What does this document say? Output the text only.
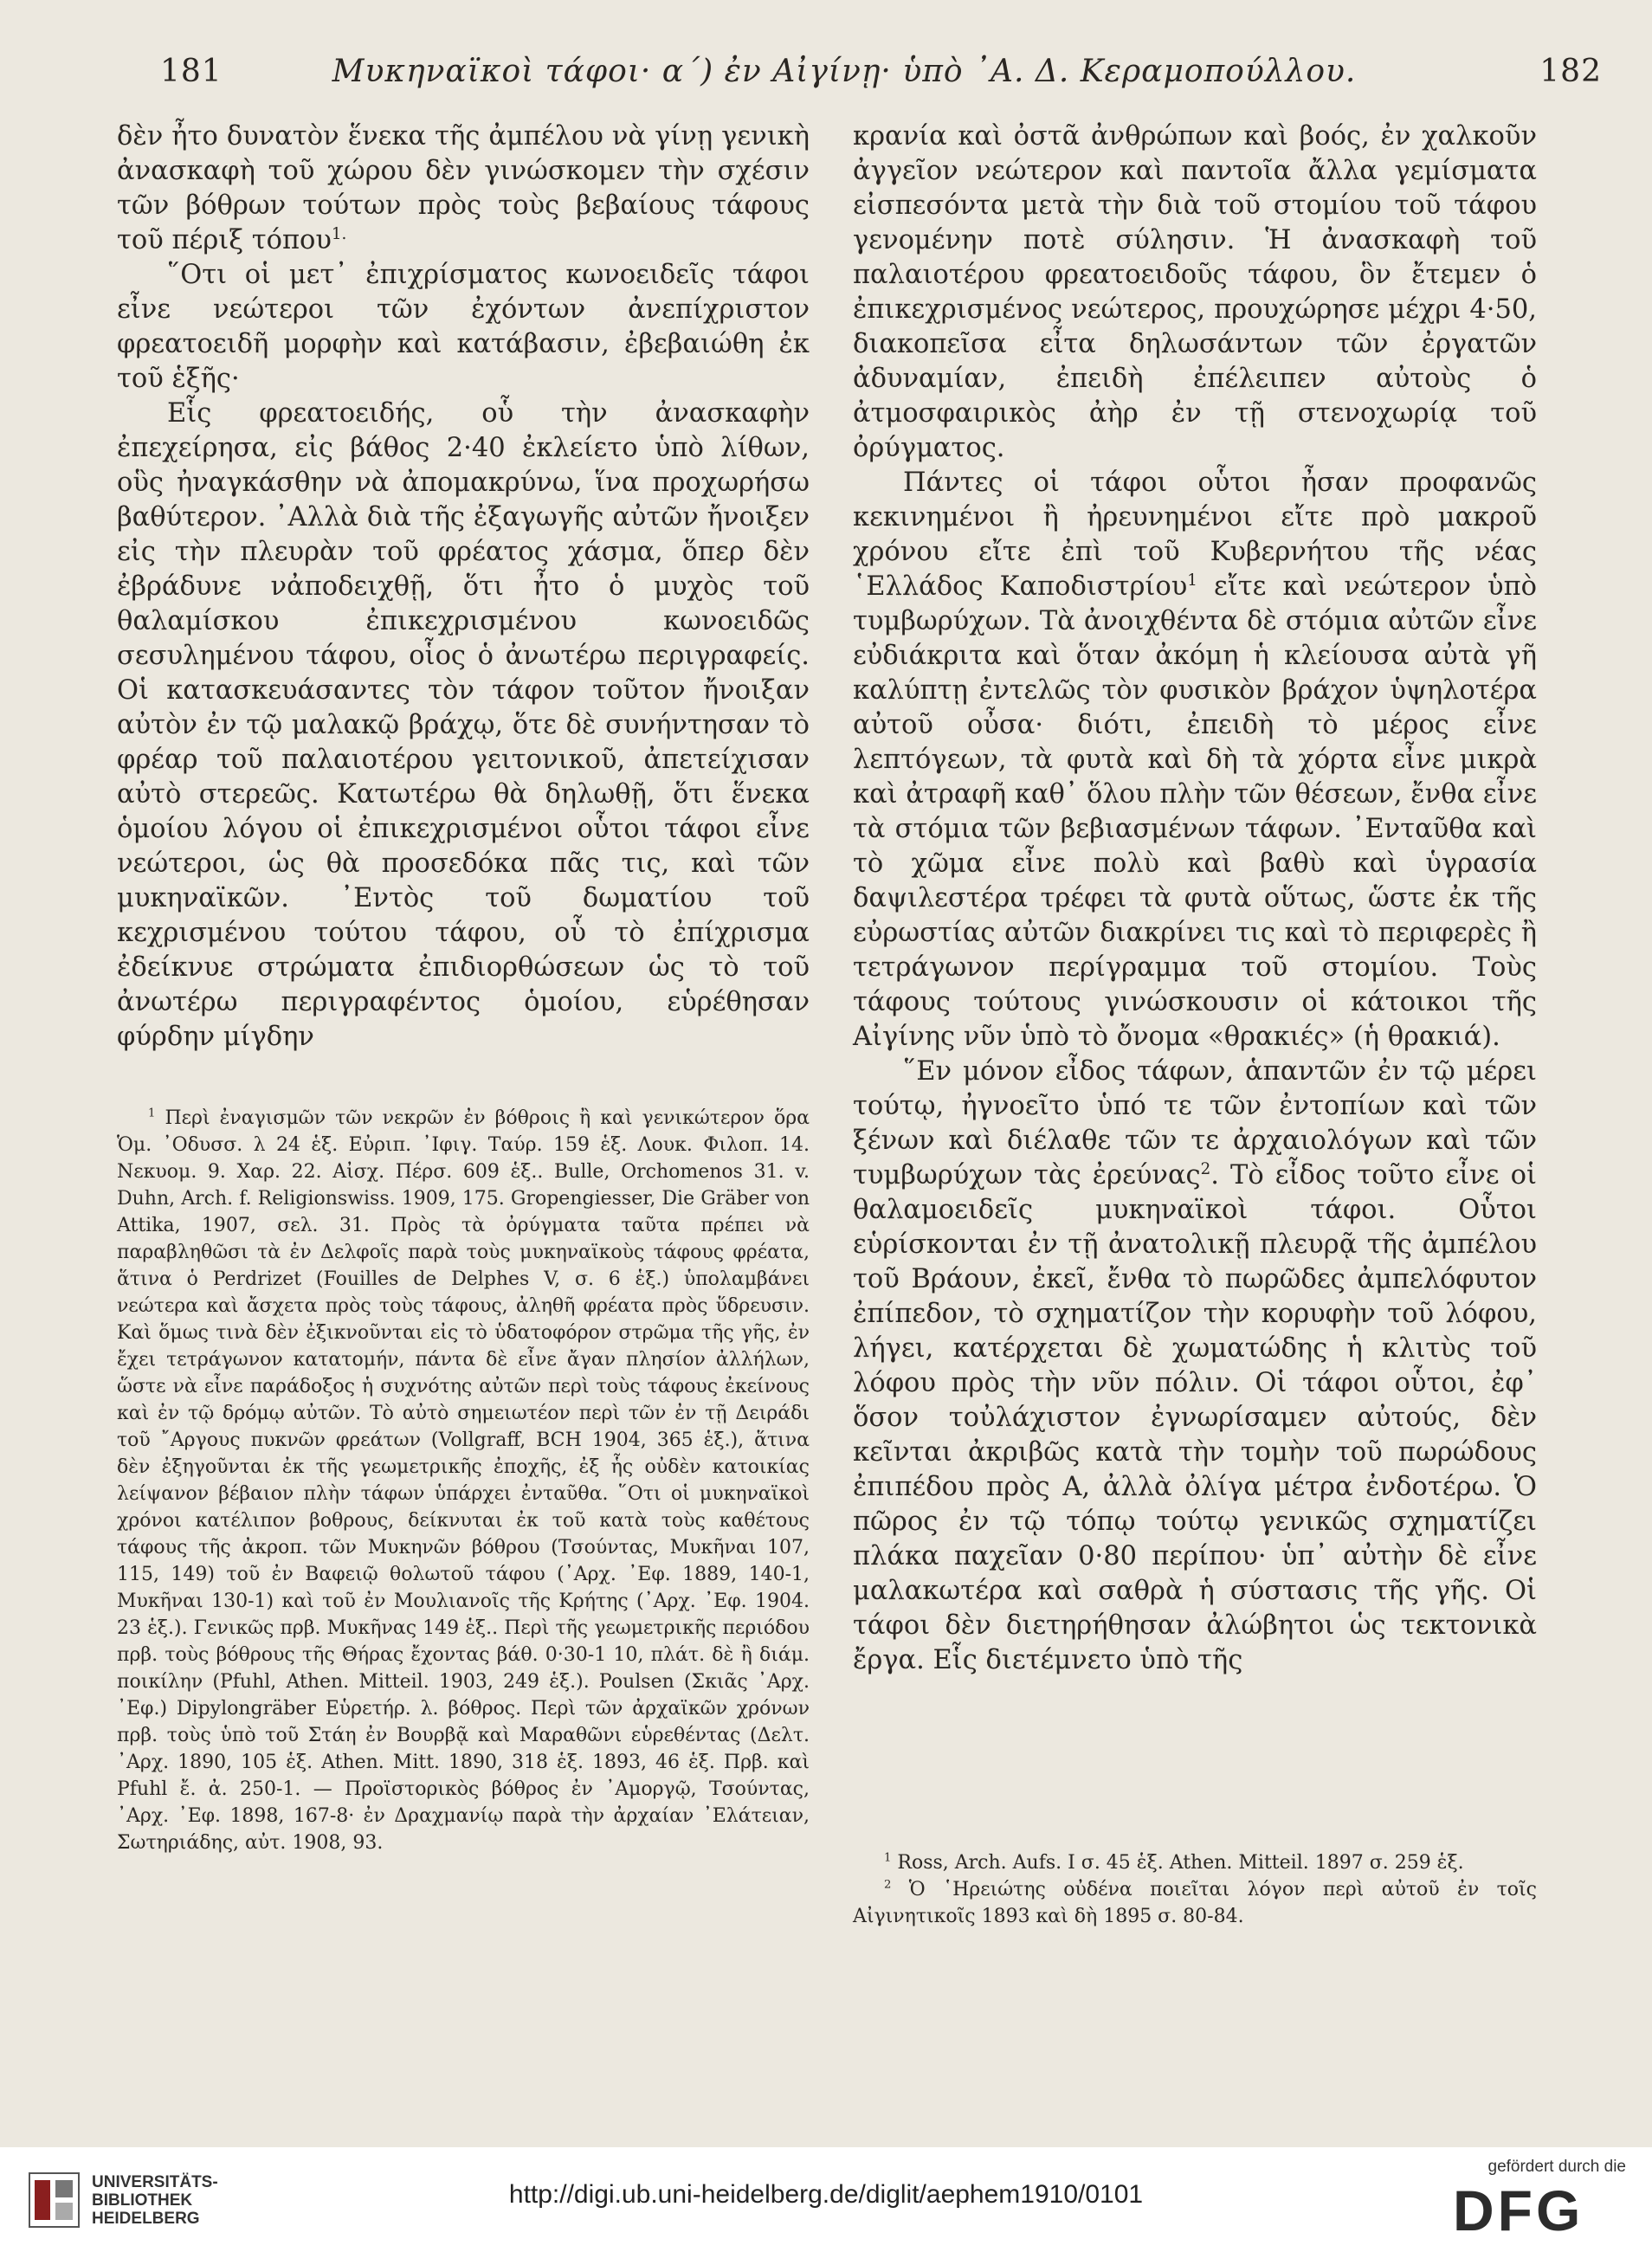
181	Μυκηναϊκοὶ τάφοι· α΄) ἐν Αἰγίνῃ· ὑπὸ ᾿Α. Δ. Κεραμοπούλλου.	182

δὲν ἦτο δυνατὸν ἕνεκα τῆς ἀμπέλου νὰ γίνῃ γενικὴ ἀνασκαφὴ τοῦ χώρου δὲν γινώσκομεν τὴν σχέσιν τῶν βόθρων τούτων πρὸς τοὺς βεβαίους τάφους τοῦ πέριξ τόπου$^{1.}$

῞Οτι οἱ μετ᾿ ἐπιχρίσματος κωνοειδεῖς τάφοι εἶνε νεώτεροι τῶν ἐχόντων ἀνεπίχριστον φρεατοειδῆ μορφὴν καὶ κατάβασιν, ἐβεβαιώθη ἐκ τοῦ ἑξῆς·

Εἷς φρεατοειδής, οὗ τὴν ἀνασκαφὴν ἐπεχείρησα, εἰς βάθος 2·40 ἐκλείετο ὑπὸ λίθων, οὓς ἠναγκάσθην νὰ ἀπομακρύνω, ἵνα προχωρήσω βαθύτερον. ᾿Αλλὰ διὰ τῆς ἐξαγωγῆς αὐτῶν ἤνοιξεν εἰς τὴν πλευρὰν τοῦ φρέατος χάσμα, ὅπερ δὲν ἐβράδυνε νἀποδειχθῇ, ὅτι ἦτο ὁ μυχὸς τοῦ θαλαμίσκου ἐπικεχρισμένου κωνοειδῶς σεσυλημένου τάφου, οἷος ὁ ἀνωτέρω περιγραφείς. Οἱ κατασκευάσαντες τὸν τάφον τοῦτον ἤνοιξαν αὐτὸν ἐν τῷ μαλακῷ βράχῳ, ὅτε δὲ συνήντησαν τὸ φρέαρ τοῦ παλαιοτέρου γειτονικοῦ, ἀπετείχισαν αὐτὸ στερεῶς. Κατωτέρω θὰ δηλωθῇ, ὅτι ἕνεκα ὁμοίου λόγου οἱ ἐπικεχρισμένοι οὗτοι τάφοι εἶνε νεώτεροι, ὡς θὰ προσεδόκα πᾶς τις, καὶ τῶν μυκηναϊκῶν. ᾿Εντὸς τοῦ δωματίου τοῦ κεχρισμένου τούτου τάφου, οὗ τὸ ἐπίχρισμα ἐδείκνυε στρώματα ἐπιδιορθώσεων ὡς τὸ τοῦ ἀνωτέρω περιγραφέντος ὁμοίου, εὑρέθησαν φύρδην μίγδην

$^1$ Περὶ ἐναγισμῶν τῶν νεκρῶν ἐν βόθροις ἢ καὶ γενικώτερον ὅρα Ὁμ. ᾿Οδυσσ. λ 24 ἑξ. Εὐριπ. ᾿Ιφιγ. Ταύρ. 159 ἑξ. Λουκ. Φιλοπ. 14. Νεκυομ. 9. Χαρ. 22. Αἰσχ. Πέρσ. 609 ἑξ.. Bulle, Orchomenos 31. v. Duhn, Arch. f. Religionswiss. 1909, 175. Gropengiesser, Die Gräber von Attika, 1907, σελ. 31. Πρὸς τὰ ὀρύγματα ταῦτα πρέπει νὰ παραβληθῶσι τὰ ἐν Δελφοῖς παρὰ τοὺς μυκηναϊκοὺς τάφους φρέατα, ἅτινα ὁ Perdrizet (Fouilles de Delphes V, σ. 6 ἑξ.) ὑπολαμβάνει νεώτερα καὶ ἄσχετα πρὸς τοὺς τάφους, ἀληθῆ φρέατα πρὸς ὕδρευσιν. Καὶ ὅμως τινὰ δὲν ἐξικνοῦνται εἰς τὸ ὑδατοφόρον στρῶμα τῆς γῆς, ἐν ἔχει τετράγωνον κατατομήν, πάντα δὲ εἶνε ἄγαν πλησίον ἀλλήλων, ὥστε νὰ εἶνε παράδοξος ἡ συχνότης αὐτῶν περὶ τοὺς τάφους ἐκείνους καὶ ἐν τῷ δρόμῳ αὐτῶν. Τὸ αὐτὸ σημειωτέον περὶ τῶν ἐν τῇ Δειράδι τοῦ ῎Αργους πυκνῶν φρεάτων (Vollgraff, BCH 1904, 365 ἑξ.), ἅτινα δὲν ἐξηγοῦνται ἐκ τῆς γεωμετρικῆς ἐποχῆς, ἐξ ἧς οὐδὲν κατοικίας λείψανον βέβαιον πλὴν τάφων ὑπάρχει ἐνταῦθα. ῞Οτι οἱ μυκηναϊκοὶ χρόνοι κατέλιπον βοθρους, δείκνυται ἐκ τοῦ κατὰ τοὺς καθέτους τάφους τῆς ἀκροπ. τῶν Μυκηνῶν βόθρου (Τσούντας, Μυκῆναι 107, 115, 149) τοῦ ἐν Βαφειῷ θολωτοῦ τάφου (᾿Αρχ. ᾿Εφ. 1889, 140-1, Μυκῆναι 130-1) καὶ τοῦ ἐν Μουλιανοῖς τῆς Κρήτης (᾿Αρχ. ᾿Εφ. 1904. 23 ἑξ.). Γενικῶς πρβ. Μυκῆνας 149 ἑξ.. Περὶ τῆς γεωμετρικῆς περιόδου πρβ. τοὺς βόθρους τῆς Θήρας ἔχοντας βάθ. 0·30-1 10, πλάτ. δὲ ἢ διάμ. ποικίλην (Pfuhl, Athen. Mitteil. 1903, 249 ἑξ.). Poulsen (Σκιᾶς ᾿Αρχ. ᾿Εφ.) Dipylongräber Εὑρετήρ. λ. βόθρος. Περὶ τῶν ἀρχαϊκῶν χρόνων πρβ. τοὺς ὑπὸ τοῦ Στάη ἐν Βουρβᾷ καὶ Μαραθῶνι εὑρεθέντας (Δελτ. ᾿Αρχ. 1890, 105 ἑξ. Athen. Mitt. 1890, 318 ἑξ. 1893, 46 ἑξ. Πρβ. καὶ Pfuhl ἔ. ἀ. 250-1. — Προϊστορικὸς βόθρος ἐν ᾿Αμοργῷ, Τσούντας, ᾿Αρχ. ᾿Εφ. 1898, 167-8· ἐν Δραχμανίῳ παρὰ τὴν ἀρχαίαν ᾿Ελάτειαν, Σωτηριάδης, αὐτ. 1908, 93.

κρανία καὶ ὀστᾶ ἀνθρώπων καὶ βοός, ἐν χαλκοῦν ἀγγεῖον νεώτερον καὶ παντοῖα ἄλλα γεμίσματα εἰσπεσόντα μετὰ τὴν διὰ τοῦ στομίου τοῦ τάφου γενομένην ποτὲ σύλησιν. Ἡ ἀνασκαφὴ τοῦ παλαιοτέρου φρεατοειδοῦς τάφου, ὃν ἔτεμεν ὁ ἐπικεχρισμένος νεώτερος, προυχώρησε μέχρι 4·50, διακοπεῖσα εἶτα δηλωσάντων τῶν ἐργατῶν ἀδυναμίαν, ἐπειδὴ ἐπέλειπεν αὐτοὺς ὁ ἀτμοσφαιρικὸς ἀὴρ ἐν τῇ στενοχωρίᾳ τοῦ ὀρύγματος.

Πάντες οἱ τάφοι οὗτοι ἦσαν προφανῶς κεκινημένοι ἢ ἠρευνημένοι εἴτε πρὸ μακροῦ χρόνου εἴτε ἐπὶ τοῦ Κυβερνήτου τῆς νέας ῾Ελλάδος Καποδιστρίου$^1$ εἴτε καὶ νεώτερον ὑπὸ τυμβωρύχων. Τὰ ἀνοιχθέντα δὲ στόμια αὐτῶν εἶνε εὐδιάκριτα καὶ ὅταν ἀκόμη ἡ κλείουσα αὐτὰ γῆ καλύπτῃ ἐντελῶς τὸν φυσικὸν βράχον ὑψηλοτέρα αὐτοῦ οὖσα· διότι, ἐπειδὴ τὸ μέρος εἶνε λεπτόγεων, τὰ φυτὰ καὶ δὴ τὰ χόρτα εἶνε μικρὰ καὶ ἀτραφῆ καθ᾿ ὅλου πλὴν τῶν θέσεων, ἔνθα εἶνε τὰ στόμια τῶν βεβιασμένων τάφων. ᾿Ενταῦθα καὶ τὸ χῶμα εἶνε πολὺ καὶ βαθὺ καὶ ὑγρασία δαψιλεστέρα τρέφει τὰ φυτὰ οὕτως, ὥστε ἐκ τῆς εὐρωστίας αὐτῶν διακρίνει τις καὶ τὸ περιφερὲς ἢ τετράγωνον περίγραμμα τοῦ στομίου. Τοὺς τάφους τούτους γινώσκουσιν οἱ κάτοικοι τῆς Αἰγίνης νῦν ὑπὸ τὸ ὄνομα «θρακιές» (ἡ θρακιά).

῞Εν μόνον εἶδος τάφων, ἁπαντῶν ἐν τῷ μέρει τούτῳ, ἠγνοεῖτο ὑπό τε τῶν ἐντοπίων καὶ τῶν ξένων καὶ διέλαθε τῶν τε ἀρχαιολόγων καὶ τῶν τυμβωρύχων τὰς ἐρεύνας$^2$. Τὸ εἶδος τοῦτο εἶνε οἱ θαλαμοειδεῖς μυκηναϊκοὶ τάφοι. Οὗτοι εὑρίσκονται ἐν τῇ ἀνατολικῇ πλευρᾷ τῆς ἀμπέλου τοῦ Βράουν, ἐκεῖ, ἔνθα τὸ πωρῶδες ἀμπελόφυτον ἐπίπεδον, τὸ σχηματίζον τὴν κορυφὴν τοῦ λόφου, λήγει, κατέρχεται δὲ χωματώδης ἡ κλιτὺς τοῦ λόφου πρὸς τὴν νῦν πόλιν. Οἱ τάφοι οὗτοι, ἐφ᾿ ὅσον τοὐλάχιστον ἐγνωρίσαμεν αὐτούς, δὲν κεῖνται ἀκριβῶς κατὰ τὴν τομὴν τοῦ πωρώδους ἐπιπέδου πρὸς Α, ἀλλὰ ὀλίγα μέτρα ἐνδοτέρω. Ὁ πῶρος ἐν τῷ τόπῳ τούτῳ γενικῶς σχηματίζει πλάκα παχεῖαν 0·80 περίπου· ὑπ᾿ αὐτὴν δὲ εἶνε μαλακωτέρα καὶ σαθρὰ ἡ σύστασις τῆς γῆς. Οἱ τάφοι δὲν διετηρήθησαν ἀλώβητοι ὡς τεκτονικὰ ἔργα. Εἷς διετέμνετο ὑπὸ τῆς

$^1$ Ross, Arch. Aufs. I σ. 45 ἑξ. Athen. Mitteil. 1897 σ. 259 ἑξ.

$^2$ Ὁ ῾Ηρειώτης οὐδένα ποιεῖται λόγον περὶ αὐτοῦ ἐν τοῖς Αἰγινητικοῖς 1893 καὶ δὴ 1895 σ. 80-84.

UNIVERSITÄTS-
BIBLIOTHEK
HEIDELBERG
http://digi.ub.uni-heidelberg.de/diglit/aephem1910/0101
gefördert durch die
DFG
